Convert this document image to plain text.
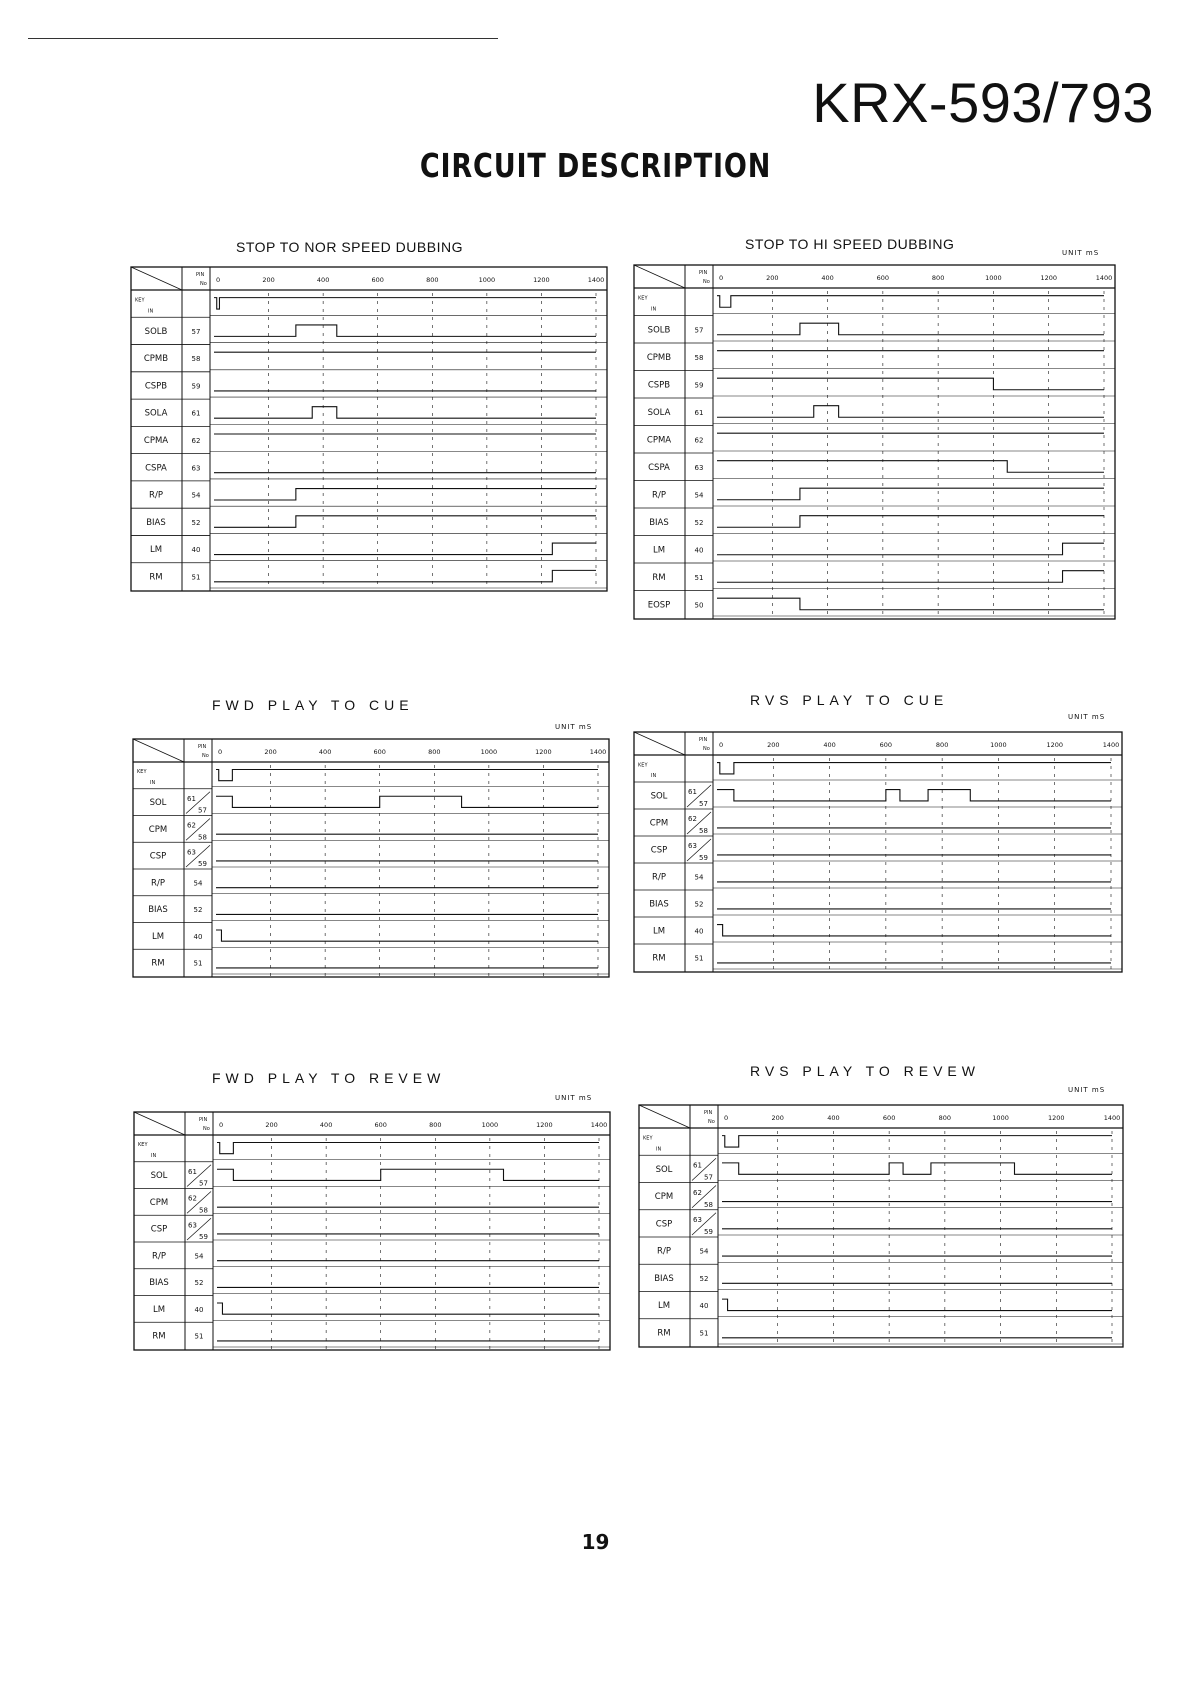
KRX-593/793
CIRCUIT DESCRIPTION
STOP TO NOR SPEED DUBBING
PIN
No 0	200	400	600	800	1000	1200	1400
KEY
IN
SOLB	57
CPMB	58
CSPB	59
SOLA	61
CPMA	62
CSPA	63
R/P	54
BIAS	52
LM	40
RM	51
STOP TO HI SPEED DUBBING
UNIT mS
PIN
No 0	200	400	600	800	1000	1200	1400
KEY
IN
SOLB	57
CPMB	58
CSPB	59
SOLA	61
CPMA	62
CSPA	63
R/P	54
BIAS	52
LM	40
RM	51
EOSP	50
FWD PLAY TO CUE
UNIT mS
PIN
No 0	200	400	600	800	1000	1200	1400
KEY
IN
SOL	61
57
CPM	62
58
CSP	63
59
R/P	54
BIAS	52
LM	40
RM	51
RVS PLAY TO CUE
UNIT mS
PIN
No 0	200	400	600	800	1000	1200	1400
KEY
IN
SOL	61
57
CPM	62
58
CSP	63
59
R/P	54
BIAS	52
LM	40
RM	51
FWD PLAY TO REVEW
UNIT mS
PIN
No 0	200	400	600	800	1000	1200	1400
KEY
IN
SOL	61
57
CPM	62
58
CSP	63
59
R/P	54
BIAS	52
LM	40
RM	51
RVS PLAY TO REVEW
UNIT mS
PIN
No 0	200	400	600	800	1000	1200	1400
KEY
IN
SOL	61
57
CPM	62
58
CSP	63
59
R/P	54
BIAS	52
LM	40
RM	51
19
